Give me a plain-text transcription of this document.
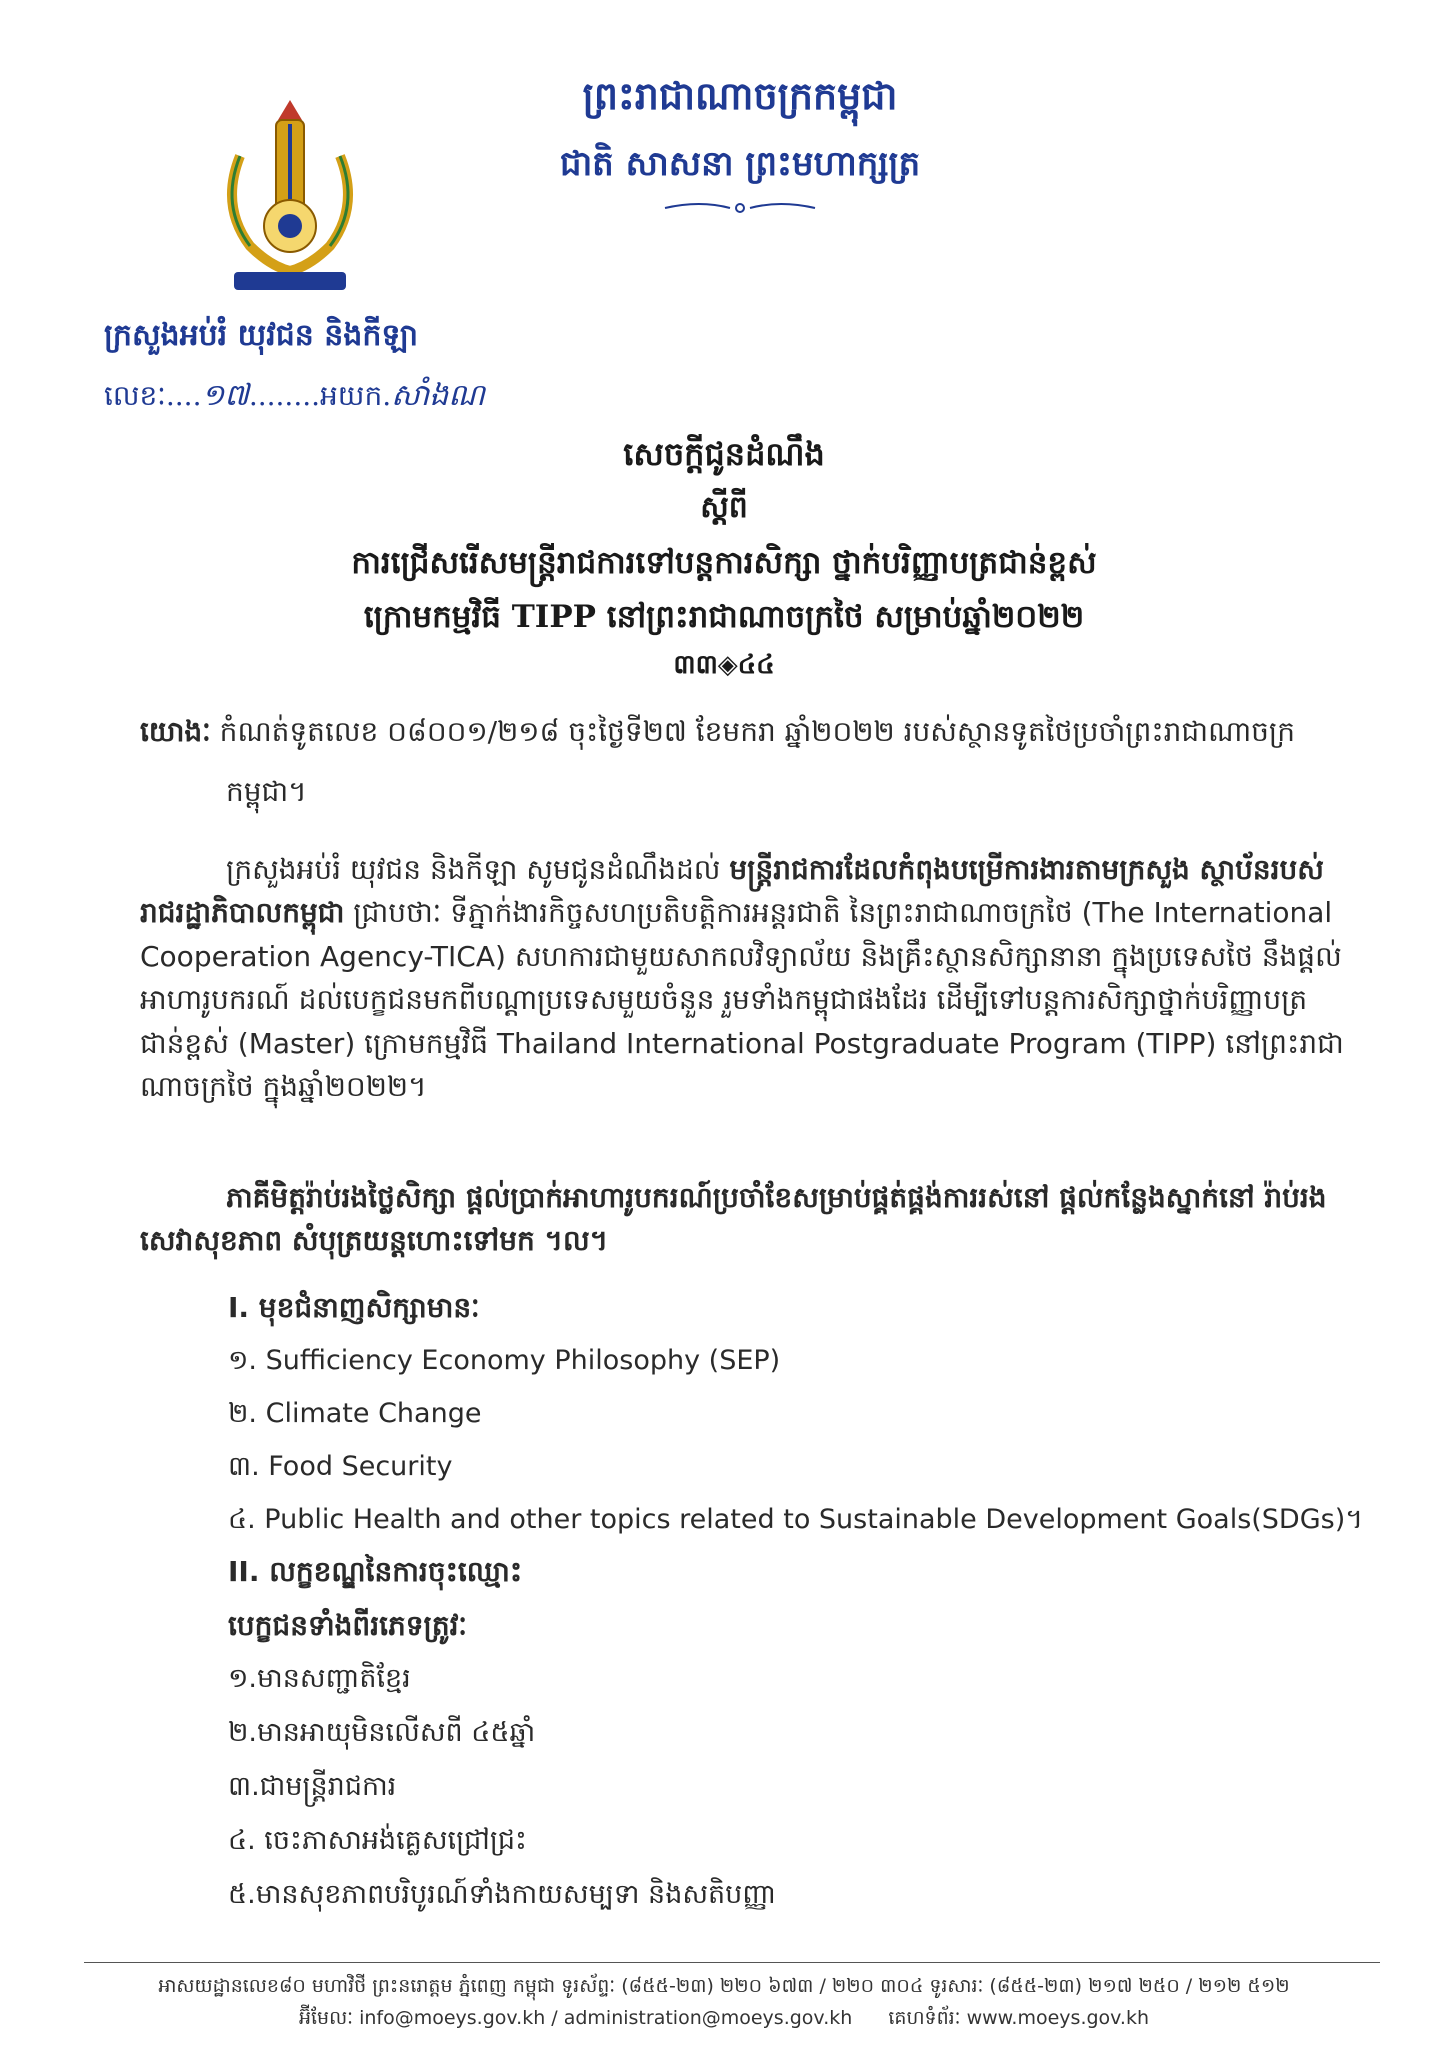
ព្រះរាជាណាចក្រកម្ពុជា
ជាតិ សាសនា ព្រះមហាក្សត្រ
ក្រសួងអប់រំ យុវជន និងកីឡា
លេខៈ....១៧........អយក.សាំងណ
សេចក្តីជូនដំណឹង
ស្តីពី
ការជ្រើសរើសមន្ត្រីរាជការទៅបន្តការសិក្សា ថ្នាក់បរិញ្ញាបត្រជាន់ខ្ពស់
ក្រោមកម្មវិធី TIPP នៅព្រះរាជាណាចក្រថៃ សម្រាប់ឆ្នាំ២០២២
៣៣◈៤៤
យោងៈ កំណត់ទូតលេខ ០៨០០១/២១៨ ចុះថ្ងៃទី២៧ ខែមករា ឆ្នាំ២០២២ របស់ស្ថានទូតថៃប្រចាំព្រះរាជាណាចក្រ
កម្ពុជា។
ក្រសួងអប់រំ យុវជន និងកីឡា សូមជូនដំណឹងដល់ មន្ត្រីរាជការដែលកំពុងបម្រើការងារតាមក្រសួង ស្ថាប័នរបស់រាជរដ្ឋាភិបាលកម្ពុជា ជ្រាបថាៈ ទីភ្នាក់ងារកិច្ចសហប្រតិបត្តិការអន្តរជាតិ នៃព្រះរាជាណាចក្រថៃ (The International Cooperation Agency-TICA) សហការជាមួយសាកលវិទ្យាល័យ និងគ្រឹះស្ថានសិក្សានានា ក្នុងប្រទេសថៃ នឹងផ្តល់អាហារូបករណ៍ ដល់បេក្ខជនមកពីបណ្តាប្រទេសមួយចំនួន រួមទាំងកម្ពុជាផងដែរ ដើម្បីទៅបន្តការសិក្សាថ្នាក់បរិញ្ញាបត្រជាន់ខ្ពស់ (Master) ក្រោមកម្មវិធី Thailand International Postgraduate Program (TIPP) នៅព្រះរាជាណាចក្រថៃ ក្នុងឆ្នាំ២០២២។
ភាគីមិត្តរ៉ាប់រងថ្លៃសិក្សា ផ្តល់ប្រាក់អាហារូបករណ៍ប្រចាំខែសម្រាប់ផ្គត់ផ្គង់ការរស់នៅ ផ្តល់កន្លែងស្នាក់នៅ រ៉ាប់រងសេវាសុខភាព សំបុត្រយន្តហោះទៅមក ។ល។
I. មុខជំនាញសិក្សាមានៈ
១. Sufficiency Economy Philosophy (SEP)
២. Climate Change
៣. Food Security
៤. Public Health and other topics related to Sustainable Development Goals(SDGs)។
II. លក្ខខណ្ឌនៃការចុះឈ្មោះ
បេក្ខជនទាំងពីរភេទត្រូវៈ
១.មានសញ្ជាតិខ្មែរ
២.មានអាយុមិនលើសពី ៤៥ឆ្នាំ
៣.ជាមន្ត្រីរាជការ
៤. ចេះភាសាអង់គ្លេសជ្រៅជ្រះ
៥.មានសុខភាពបរិបូរណ៍ទាំងកាយសម្បទា និងសតិបញ្ញា
អាសយដ្ឋានលេខ៨០ មហាវិថី ព្រះនរោត្តម ភ្នំពេញ កម្ពុជា ទូរស័ព្ទៈ (៨៥៥-២៣) ២២០ ៦៧៣ / ២២០ ៣០៤ ទូរសារៈ (៨៥៥-២៣) ២១៧ ២៥០ / ២១២ ៥១២
អ៊ីមែលៈ info@moeys.gov.kh / administration@moeys.gov.kh គេហទំព័រៈ www.moeys.gov.kh
